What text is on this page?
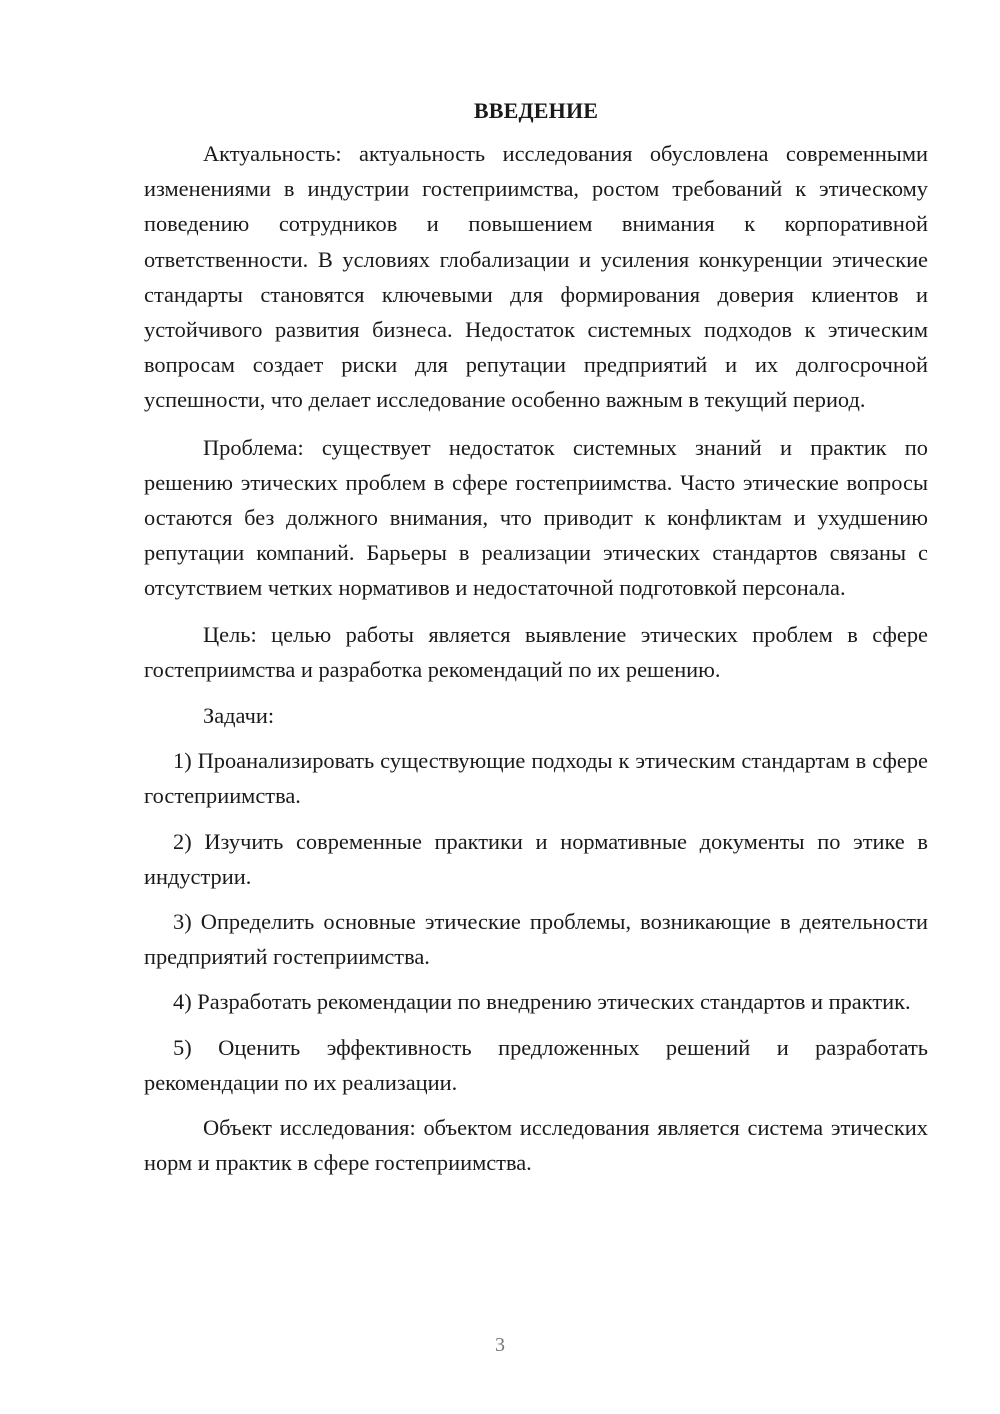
ВВЕДЕНИЕ

Актуальность: актуальность исследования обусловлена современными изменениями в индустрии гостеприимства, ростом требований к этическому поведению сотрудников и повышением внимания к корпоративной ответственности. В условиях глобализации и усиления конкуренции этические стандарты становятся ключевыми для формирования доверия клиентов и устойчивого развития бизнеса. Недостаток системных подходов к этическим вопросам создает риски для репутации предприятий и их долгосрочной успешности, что делает исследование особенно важным в текущий период.

Проблема: существует недостаток системных знаний и практик по решению этических проблем в сфере гостеприимства. Часто этические вопросы остаются без должного внимания, что приводит к конфликтам и ухудшению репутации компаний. Барьеры в реализации этических стандартов связаны с отсутствием четких нормативов и недостаточной подготовкой персонала.

Цель: целью работы является выявление этических проблем в сфере гостеприимства и разработка рекомендаций по их решению.

Задачи:

1) Проанализировать существующие подходы к этическим стандартам в сфере гостеприимства.

2) Изучить современные практики и нормативные документы по этике в индустрии.

3) Определить основные этические проблемы, возникающие в деятельности предприятий гостеприимства.

4) Разработать рекомендации по внедрению этических стандартов и практик.

5) Оценить эффективность предложенных решений и разработать рекомендации по их реализации.

Объект исследования: объектом исследования является система этических норм и практик в сфере гостеприимства.

3
